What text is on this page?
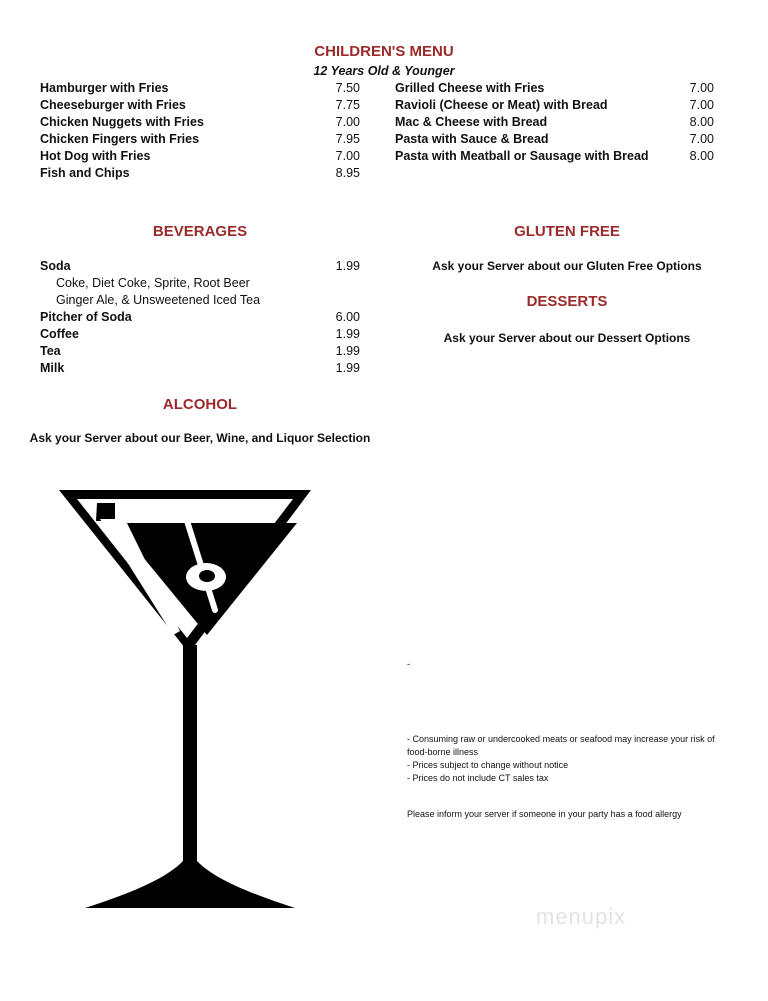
CHILDREN'S MENU
12 Years Old & Younger
Hamburger with Fries	7.50
Cheeseburger with Fries	7.75
Chicken Nuggets with Fries	7.00
Chicken Fingers with Fries	7.95
Hot Dog with Fries	7.00
Fish and Chips	8.95
Grilled Cheese with Fries	7.00
Ravioli (Cheese or Meat) with Bread	7.00
Mac & Cheese with Bread	8.00
Pasta with Sauce & Bread	7.00
Pasta with Meatball or Sausage with Bread	8.00
BEVERAGES
Soda	1.99
Coke, Diet Coke, Sprite, Root Beer
Ginger Ale, & Unsweetened Iced Tea
Pitcher of Soda	6.00
Coffee	1.99
Tea	1.99
Milk	1.99
ALCOHOL
Ask your Server about our Beer, Wine, and Liquor Selection
GLUTEN FREE
Ask your Server about our Gluten Free Options
DESSERTS
Ask your Server about our Dessert Options
-
- Consuming raw or undercooked meats or seafood may increase your risk of
food-borne illness
- Prices subject to change without notice
- Prices do not include CT sales tax
Please inform your server if someone in your party has a food allergy
menupix
